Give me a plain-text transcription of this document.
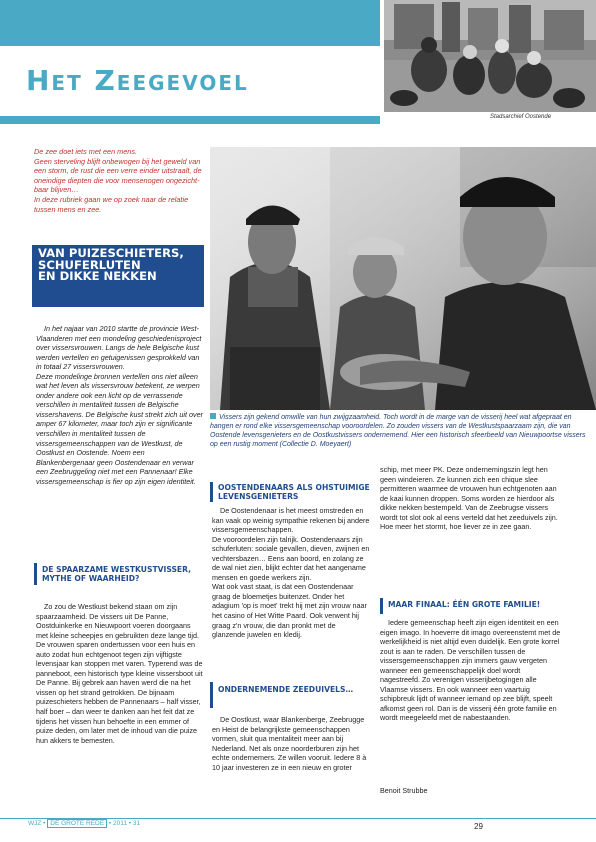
Het Zeegevoel
Stadsarchief Oostende

De zee doet iets met een mens.

Geen sterveling blijft onbewogen bij het geweld van een storm, de rust die een verre einder uitstraalt, de oneindige diepten die voor mensenogen ongezicht-baar blijven…

In deze rubriek gaan we op zoek naar de relatie tussen mens en zee.

VAN PUIZESCHIETERS,
SCHUFERLUTEN
EN DIKKE NEKKEN

In het najaar van 2010 startte de provincie West-Vlaanderen met een mondeling geschiedenisproject over vissersvrouwen. Langs de hele Belgische kust werden vertellen en getuigenissen gesprokkeld van in totaal 27 vissersvrouwen.

Deze mondelinge bronnen vertellen ons niet alleen wat het leven als vissersvrouw betekent, ze werpen onder andere ook een licht op de verrassende verschillen in mentaliteit tussen de Belgische vissershavens. De Belgische kust strekt zich uit over amper 67 kilometer, maar toch zijn er significante verschillen in mentaliteit tussen de vissersgemeenschappen van de Westkust, de Oostkust en Oostende. Noem een Blankenbergenaar geen Oostendenaar en verwar een Zeebruggeling niet met een Pannenaar! Elke vissersgemeenschap is fier op zijn eigen identiteit.

DE SPAARZAME WESTKUSTVISSER, MYTHE OF WAARHEID?

Zo zou de Westkust bekend staan om zijn spaarzaamheid. De vissers uit De Panne, Oostduinkerke en Nieuwpoort voeren doorgaans met kleine scheepjes en gebruikten deze lange tijd. De vrouwen sparen ondertussen voor een huis en auto zodat hun echtgenoot tegen zijn vijftigste levensjaar kan stoppen met varen. Typerend was de panneboot, een historisch type kleine vissersboot uit De Panne. Bij gebrek aan haven werd die na het vissen op het strand getrokken. De bijnaam puizeschieters hebben de Pannenaars – half visser, half boer – dan weer te danken aan het feit dat ze tijdens het vissen hun behoefte in een emmer of puize deden, om later met de inhoud van die puize hun akkers te bemesten.

Vissers zijn gekend omwille van hun zwijgzaamheid. Toch wordt in de marge van de visserij heel wat afgepraat en hangen er rond elke vissersgemeenschap vooroordelen. Zo zouden vissers van de Westkustspaarzaam zijn, die van Oostende levensgenieters en de Oostkustvissers ondernemend. Hier een historisch sfeerbeeld van Nieuwpoortse vissers op een rustig moment (Collectie D. Moeyaert)
OOSTENDENAARS ALS OHSTUIMIGE LEVENSGENIETERS

De Oostendenaar is het meest omstreden en kan vaak op weinig sympathie rekenen bij andere vissersgemeenschappen.

De vooroordelen zijn talrijk. Oostendenaars zijn schuferluten: sociale gevallen, dieven, zwijnen en vechtersbazen… Eens aan boord, en zolang ze de wal niet zien, blijkt echter dat het aangename mensen en goede werkers zijn.

Wat ook vast staat, is dat een Oostendenaar graag de bloemetjes buitenzet. Onder het adagium 'op is moet' trekt hij met zijn vrouw naar het casino of Het Witte Paard. Ook verwent hij graag z'n vrouw, die dan pronkt met de glanzende juwelen en kledij.

ONDERNEMENDE ZEEDUIVELS…

De Oostkust, waar Blankenberge, Zeebrugge en Heist de belangrijkste gemeenschappen vormen, sluit qua mentaliteit meer aan bij Nederland. Net als onze noorderburen zijn het echte ondernemers. Ze willen vooruit. Iedere 8 à 10 jaar investeren ze in een nieuw en groter

schip, met meer PK. Deze ondernemingszin legt hen geen windeieren. Ze kunnen zich een chique slee permitteren waarmee de vrouwen hun echtgenoten aan de kaai kunnen droppen. Soms worden ze hierdoor als dikke nekken bestempeld. Van de Zeebrugse vissers wordt tot slot ook al eens verteld dat het zeeduivels zijn. Hoe meer het stormt, hoe liever ze in zee gaan.

MAAR FINAAL: ÉÉN GROTE FAMILIE!

Iedere gemeenschap heeft zijn eigen identiteit en een eigen imago. In hoeverre dit imago overeenstemt met de werkelijkheid is niet altijd even duidelijk. Een grote korrel zout is aan te raden. De verschillen tussen de vissersgemeenschappen zijn immers gauw vergeten wanneer een gemeenschappelijk doel wordt nagestreefd. Zo verenigen visserijbetogingen alle Vlaamse vissers. En ook wanneer een vaartuig schipbreuk lijdt of wanneer iemand op zee blijft, speelt afkomst geen rol. Dan is de visserij één grote familie en wordt meegeleefd met de nabestaanden.

Benoit Strubbe
WJZ • DE GROTE REDE • 2011 • 31	29
